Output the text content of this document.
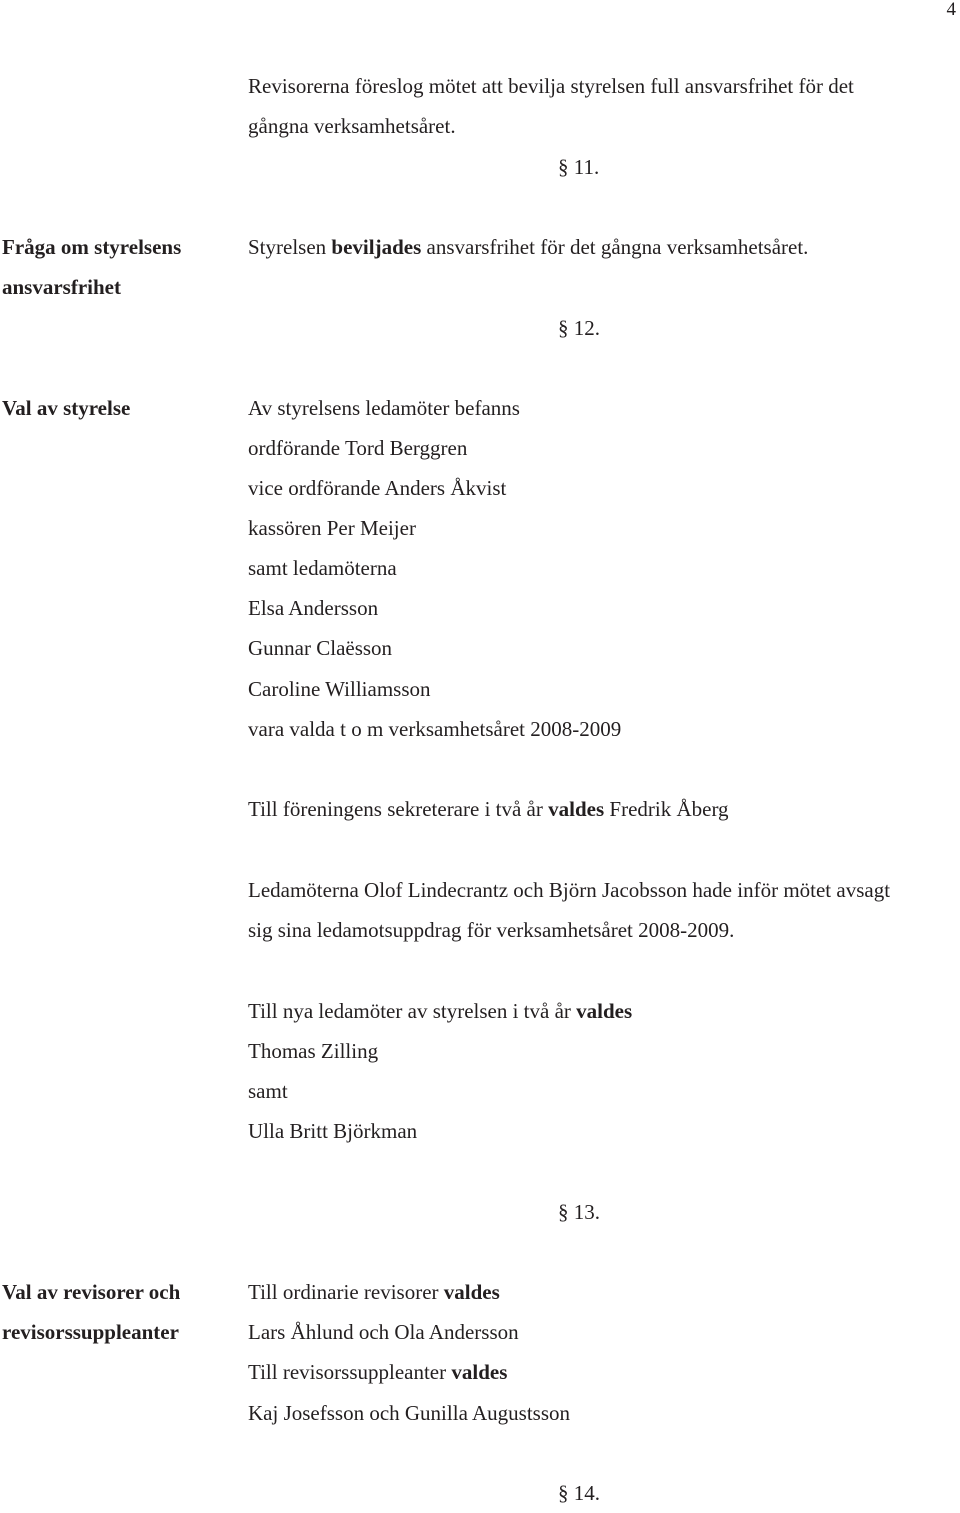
4
Revisorerna föreslog mötet att bevilja styrelsen full ansvarsfrihet för det
gångna verksamhetsåret.
§ 11.
Fråga om styrelsens
ansvarsfrihet
Styrelsen beviljades ansvarsfrihet för det gångna verksamhetsåret.
§ 12.
Val av styrelse	Av styrelsens ledamöter befanns
ordförande Tord Berggren
vice ordförande Anders Åkvist
kassören Per Meijer
samt ledamöterna
Elsa Andersson
Gunnar Claësson
Caroline Williamsson
vara valda t o m verksamhetsåret 2008-2009
Till föreningens sekreterare i två år valdes Fredrik Åberg
Ledamöterna Olof Lindecrantz och Björn Jacobsson hade inför mötet avsagt
sig sina ledamotsuppdrag för verksamhetsåret 2008-2009.
Till nya ledamöter av styrelsen i två år valdes
Thomas Zilling
samt
Ulla Britt Björkman
§ 13.
Val av revisorer och
revisorssuppleanter
Till ordinarie revisorer valdes
Lars Åhlund och Ola Andersson
Till revisorssuppleanter valdes
Kaj Josefsson och Gunilla Augustsson
§ 14.
